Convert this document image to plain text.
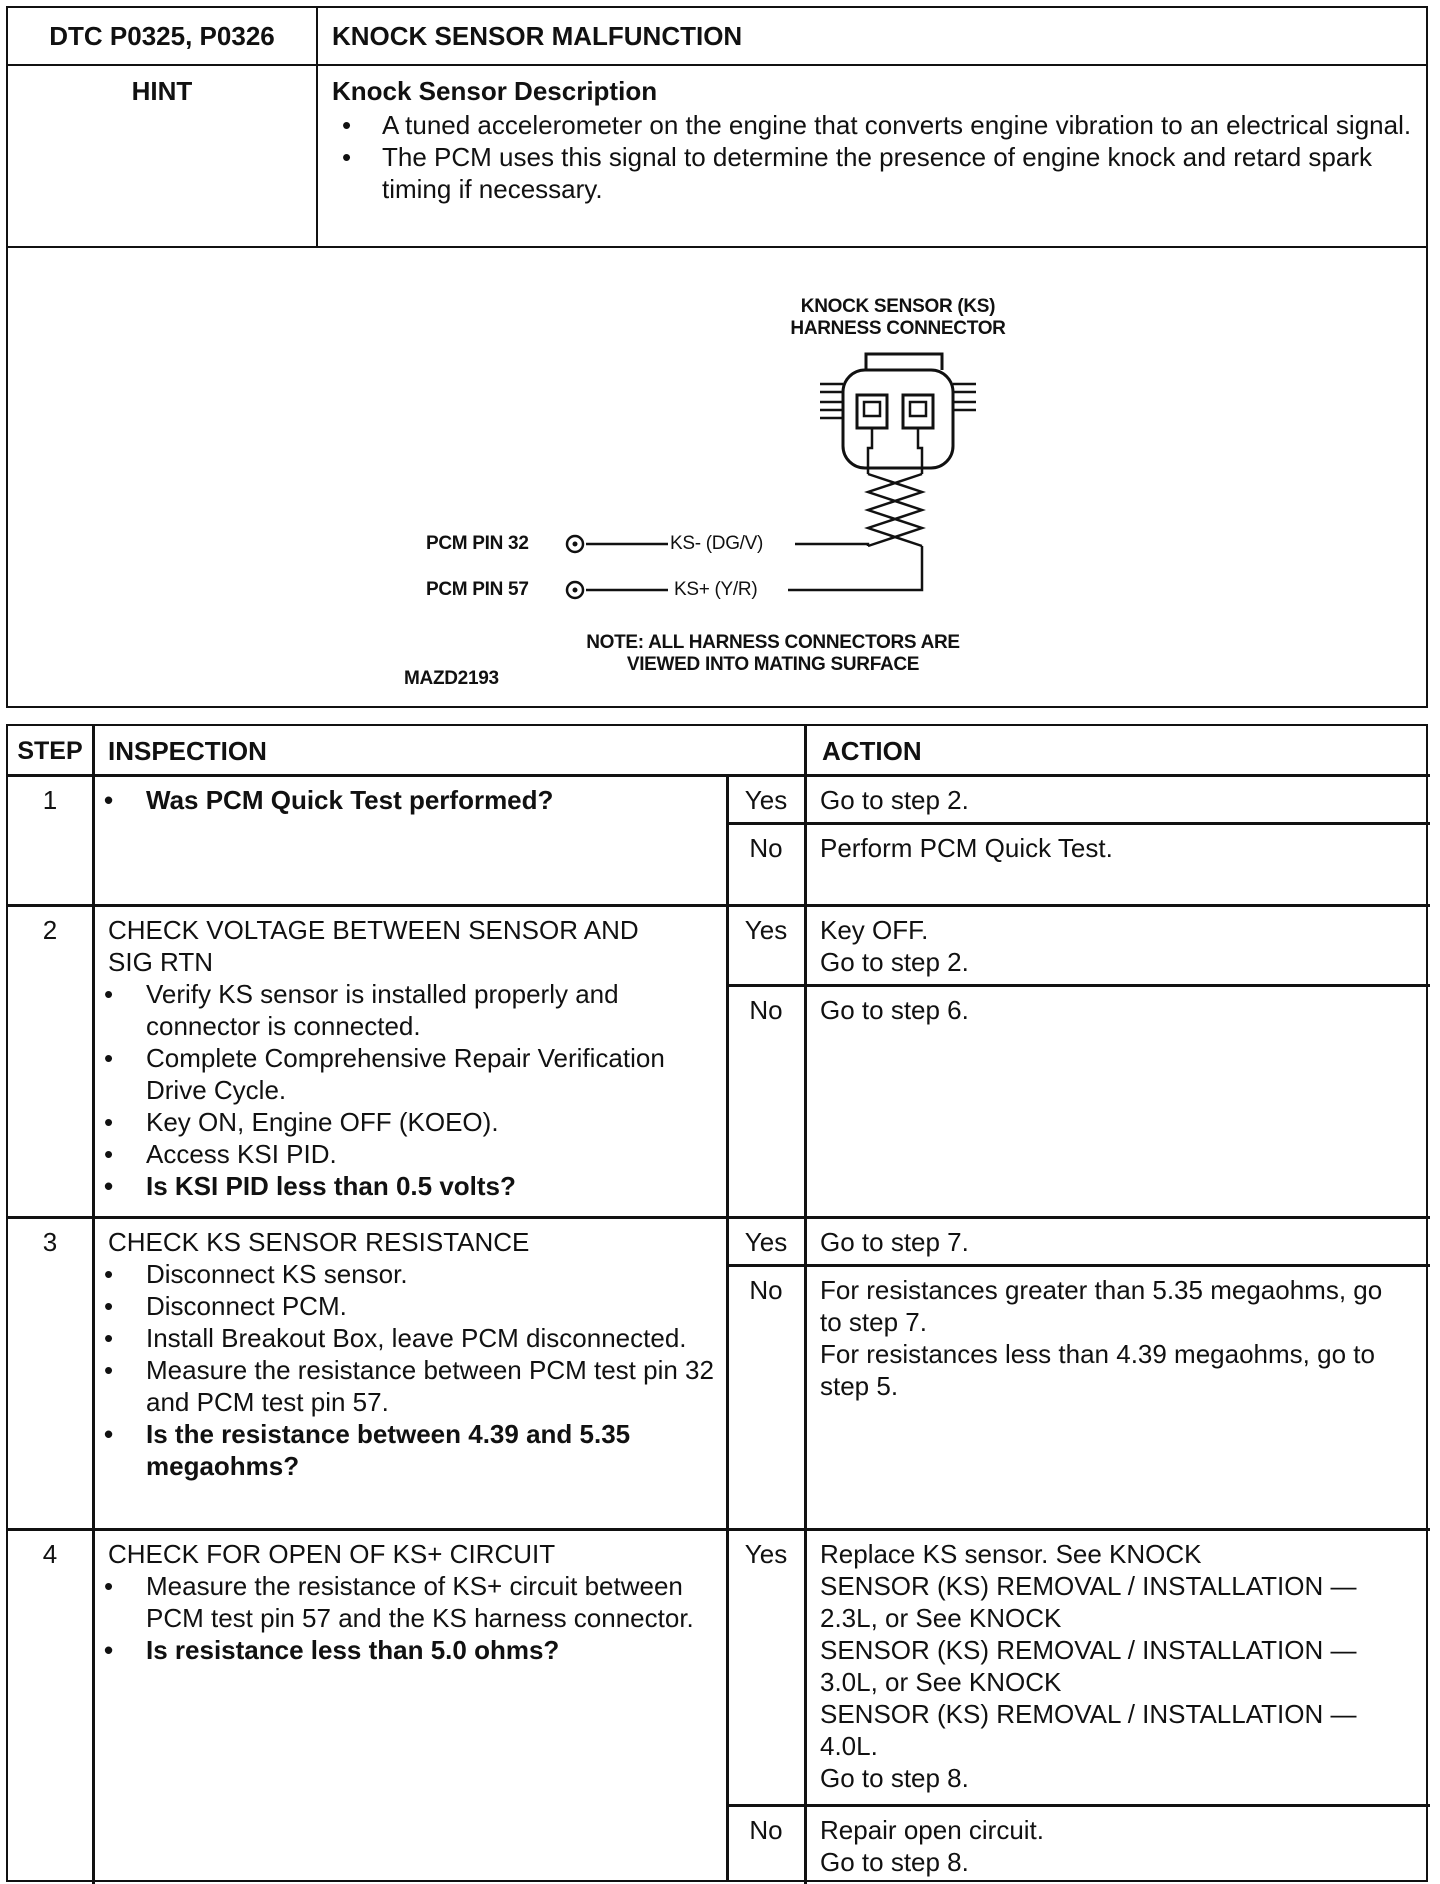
DTC P0325, P0326	KNOCK SENSOR MALFUNCTION
HINT	Knock Sensor Description
• A tuned accelerometer on the engine that converts engine vibration to an electrical signal.
• The PCM uses this signal to determine the presence of engine knock and retard spark timing if necessary.
KNOCK SENSOR (KS)
HARNESS CONNECTOR
PCM PIN 32
PCM PIN 57
KS- (DG/V)
KS+ (Y/R)
NOTE: ALL HARNESS CONNECTORS ARE
VIEWED INTO MATING SURFACE
MAZD2193
STEP INSPECTION	ACTION
1
•	Was PCM Quick Test performed?	Yes	Go to step 2.
No	Perform PCM Quick Test.
2	CHECK VOLTAGE BETWEEN SENSOR AND
SIG RTN
• Verify KS sensor is installed properly and connector is connected.
• Complete Comprehensive Repair Verification Drive Cycle.
• Key ON, Engine OFF (KOEO).
• Access KSI PID.
• Is KSI PID less than 0.5 volts?
Yes	Key OFF.
Go to step 2.
No	Go to step 6.
3	CHECK KS SENSOR RESISTANCE
• Disconnect KS sensor.
• Disconnect PCM.
• Install Breakout Box, leave PCM disconnected.
• Measure the resistance between PCM test pin 32 and PCM test pin 57.
• Is the resistance between 4.39 and 5.35 megaohms?
Yes	Go to step 7.
No	For resistances greater than 5.35 megaohms, go to step 7.
For resistances less than 4.39 megaohms, go to step 5.
4	CHECK FOR OPEN OF KS+ CIRCUIT
• Measure the resistance of KS+ circuit between PCM test pin 57 and the KS harness connector.
• Is resistance less than 5.0 ohms?
Yes	Replace KS sensor. See KNOCK
SENSOR (KS) REMOVAL / INSTALLATION —
2.3L, or See KNOCK
SENSOR (KS) REMOVAL / INSTALLATION —
3.0L, or See KNOCK
SENSOR (KS) REMOVAL / INSTALLATION —
4.0L.
Go to step 8.
No	Repair open circuit.
Go to step 8.
